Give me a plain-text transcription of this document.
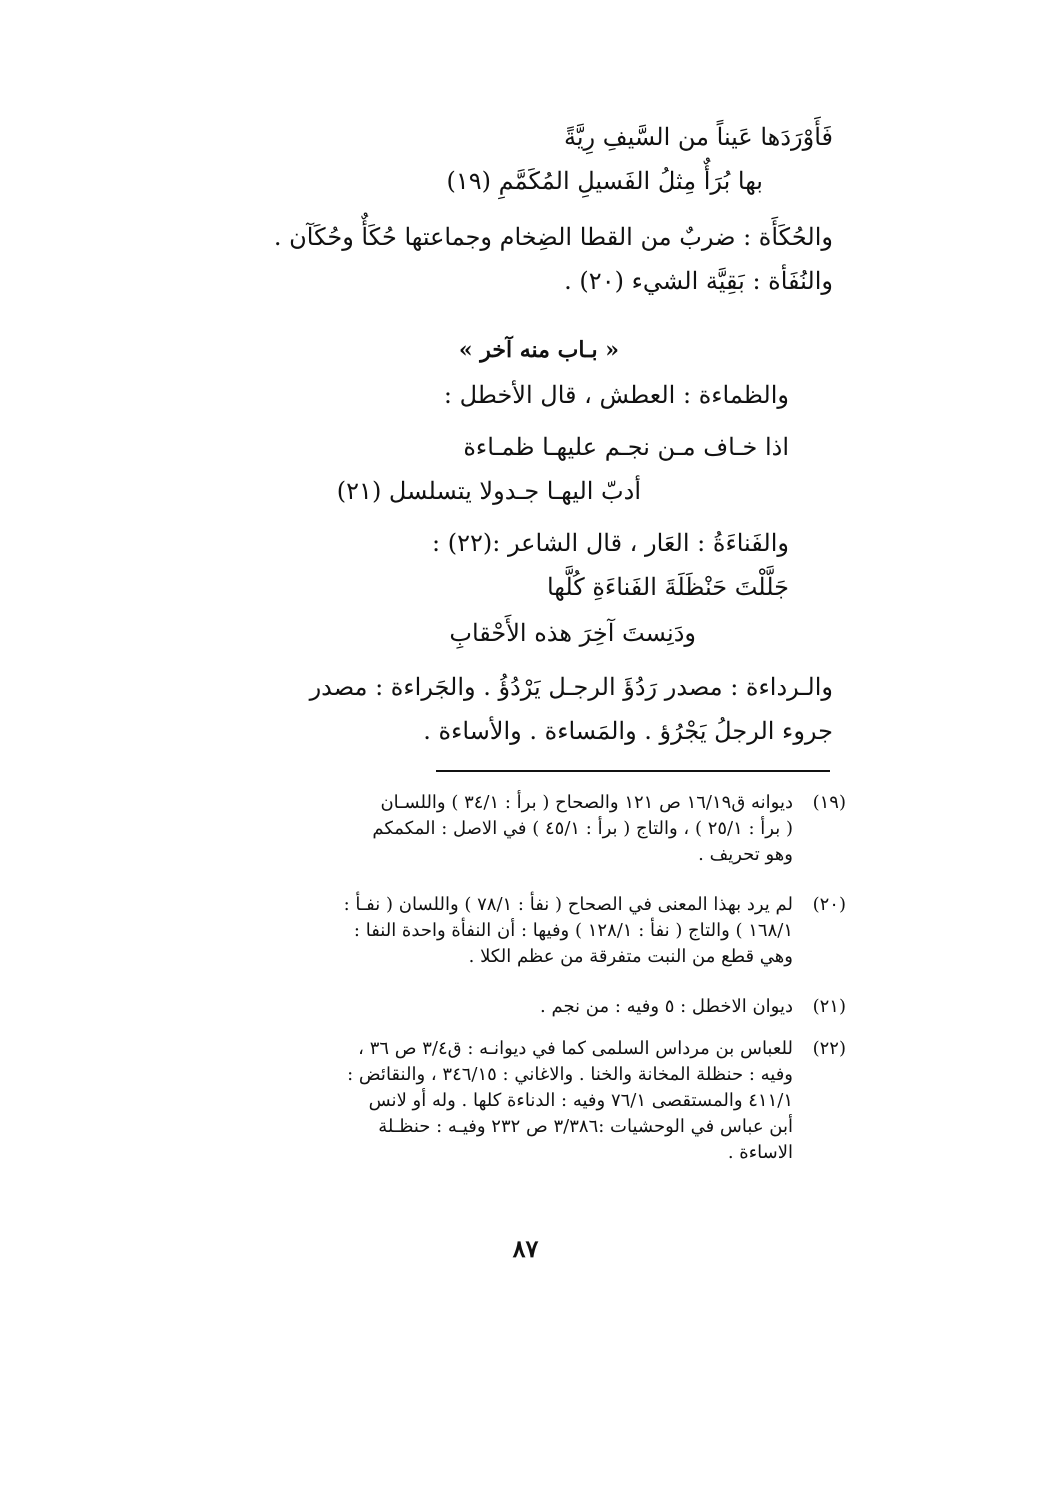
فَأَوْرَدَها عَيناً من السَّيفِ رِيَّةً

بها بُرَأٌ مِثلُ الفَسيلِ المُكَمَّمِ (١٩)

والحُكَأَة : ضربٌ من القطا الضِخام وجماعتها حُكَأٌ وحُكَآن .

والنُفَأة : بَقِيَّة الشيء (٢٠) .

« بـاب منه آخر »

والظماءة : العطش ، قال الأخطل :

اذا خـاف مـن نجـم عليهـا ظمـاءة

أدبّ اليهـا جـدولا يتسلسل (٢١)

والفَناءَةُ : العَار ، قال الشاعر :(٢٢) :

جَلَّلْتَ حَنْظَلَةَ الفَناءَةِ كُلَّها

ودَنِستَ آخِرَ هذه الأَحْقابِ

والـرداءة : مصدر رَدُؤَ الرجـل يَرْدُؤُ . والجَراءة : مصدر

جروء الرجلُ يَجْرُؤ . والمَساءة . والأساءة .

(١٩)

ديوانه ق١٦/١٩ ص ١٢١ والصحاح ( برأ : ٣٤/١ ) واللسـان

( برأ : ٢٥/١ ) ، والتاج ( برأ : ٤٥/١ ) في الاصل : المكمكم

وهو تحريف .

(٢٠)

لم يرد بهذا المعنى في الصحاح ( نفأ : ٧٨/١ ) واللسان ( نفـأ :

١٦٨/١ ) والتاج ( نفأ : ١٢٨/١ ) وفيها : أن النفأة واحدة النفا :

وهي قطع من النبت متفرقة من عظم الكلا .

(٢١)

ديوان الاخطل : ٥ وفيه : من نجم .

(٢٢)

للعباس بن مرداس السلمى كما في ديوانـه : ق٣/٤ ص ٣٦ ،

وفيه : حنظلة المخانة والخنا . والاغاني : ٣٤٦/١٥ ، والنقائض :

٤١١/١ والمستقصى ٧٦/١ وفيه : الدناءة كلها . وله أو لانس

أبن عباس في الوحشيات :٣/٣٨٦ ص ٢٣٢ وفيـه : حنظـلة

الاساءة .

٨٧
